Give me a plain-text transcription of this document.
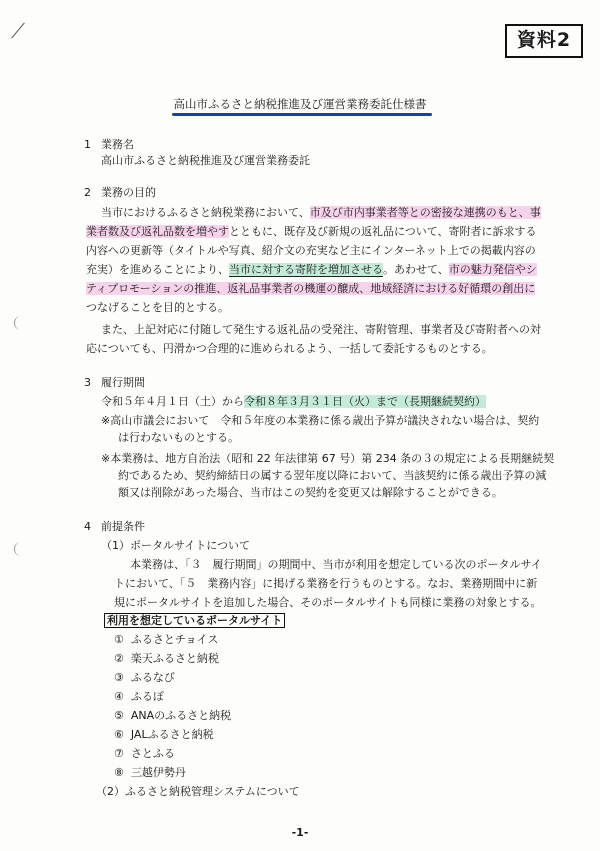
資料2
高山市ふるさと納税推進及び運営業務委託仕様書
1 業務名
高山市ふるさと納税推進及び運営業務委託
2 業務の目的
当市におけるふるさと納税業務において、市及び市内事業者等との密接な連携のもと、事
業者数及び返礼品数を増やすとともに、既存及び新規の返礼品について、寄附者に訴求する
内容への更新等（タイトルや写真、紹介文の充実など主にインターネット上での掲載内容の
充実）を進めることにより、当市に対する寄附を増加させる。あわせて、市の魅力発信やシ
ティプロモーションの推進、返礼品事業者の機運の醸成、地域経済における好循環の創出に
つなげることを目的とする。
また、上記対応に付随して発生する返礼品の受発注、寄附管理、事業者及び寄附者への対
応についても、円滑かつ合理的に進められるよう、一括して委託するものとする。
3 履行期間
令和５年４月１日（土）から令和８年３月３１日（火）まで（長期継続契約）
※高山市議会において　令和５年度の本業務に係る歳出予算が議決されない場合は、契約
は行わないものとする。
※本業務は、地方自治法（昭和 22 年法律第 67 号）第 234 条の３の規定による長期継続契
約であるため、契約締結日の属する翌年度以降において、当該契約に係る歳出予算の減
額又は削除があった場合、当市はこの契約を変更又は解除することができる。
4 前提条件
（1）ポータルサイトについて
本業務は、「３　履行期間」の期間中、当市が利用を想定している次のポータルサイ
トにおいて、「５　業務内容」に掲げる業務を行うものとする。なお、業務期間中に新
規にポータルサイトを追加した場合、そのポータルサイトも同様に業務の対象とする。
利用を想定しているポータルサイト
① ふるさとチョイス
② 楽天ふるさと納税
③ ふるなび
④ ふるぽ
⑤ ANAのふるさと納税
⑥ JALふるさと納税
⑦ さとふる
⑧ 三越伊勢丹
（2）ふるさと納税管理システムについて
-1-
